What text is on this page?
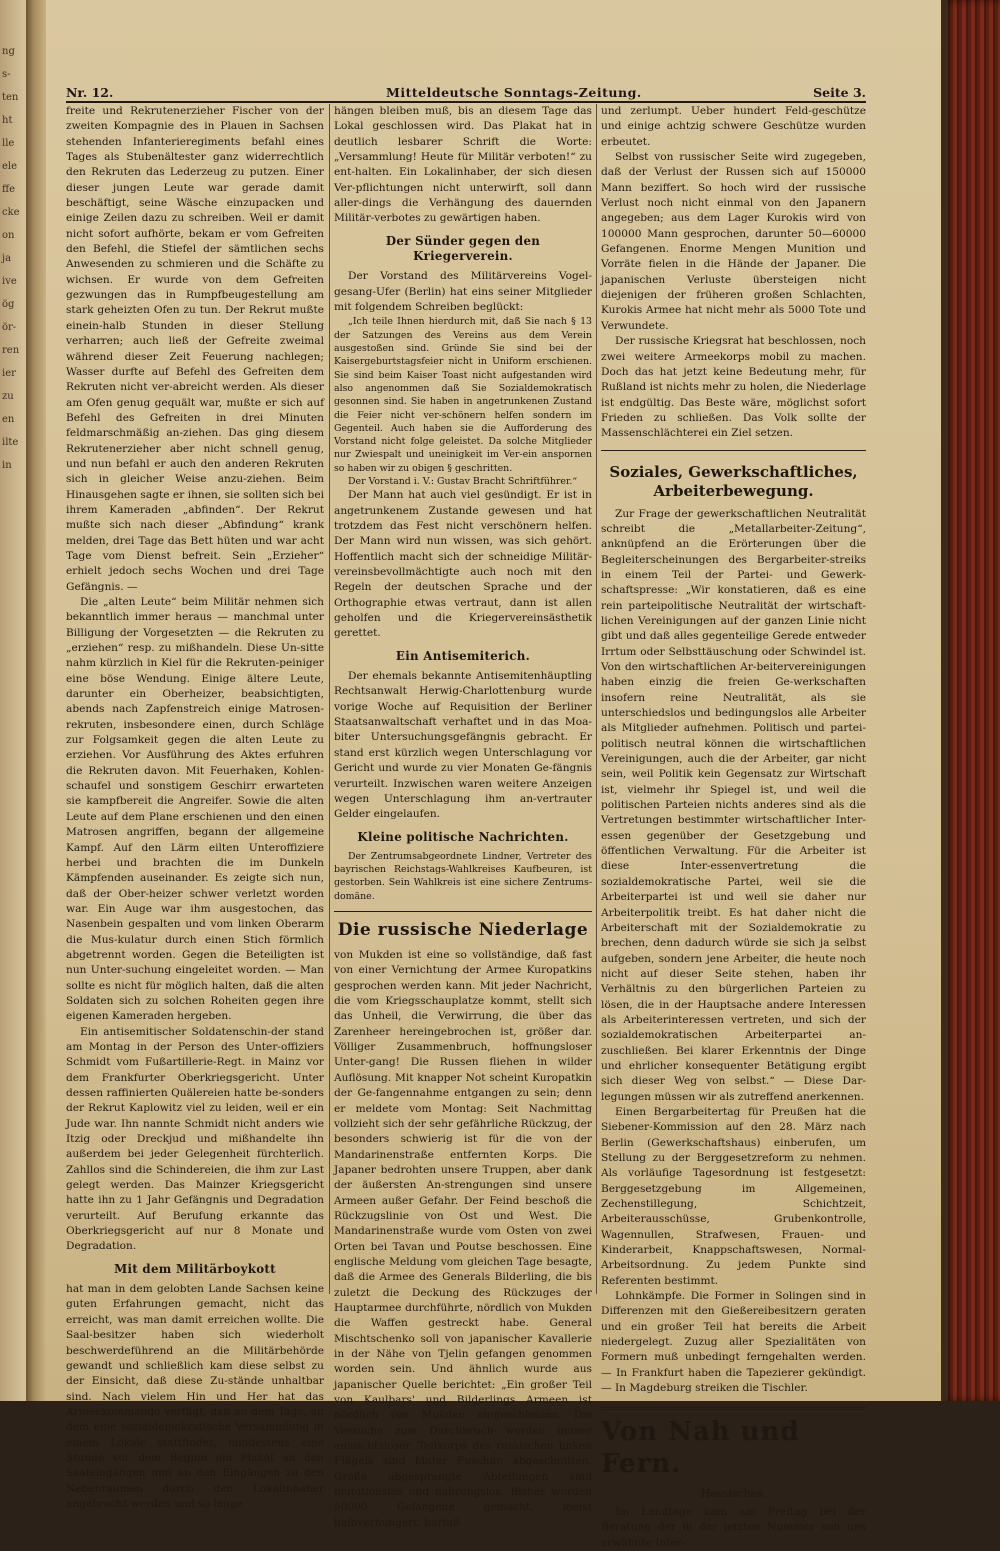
ng
s-
ten
ht
lle
ele
ffe
cke
on
ja
ive
ög
ör-
ren
ier
zu
en
ilte
in
Nr. 12.	Mitteldeutsche Sonntags-Zeitung.	Seite 3.

freite und Rekrutenerzieher Fischer von der zweiten Kompagnie des in Plauen in Sachsen stehenden Infanterieregiments befahl eines Tages als Stubenältester ganz widerrechtlich den Rekruten das Lederzeug zu putzen. Einer dieser jungen Leute war gerade damit beschäftigt, seine Wäsche einzupacken und einige Zeilen dazu zu schreiben. Weil er damit nicht sofort aufhörte, bekam er vom Gefreiten den Befehl, die Stiefel der sämtlichen sechs Anwesenden zu schmieren und die Schäfte zu wichsen. Er wurde von dem Gefreiten gezwungen das in Rumpfbeugestellung am stark geheizten Ofen zu tun. Der Rekrut mußte einein-halb Stunden in dieser Stellung verharren; auch ließ der Gefreite zweimal während dieser Zeit Feuerung nachlegen; Wasser durfte auf Befehl des Gefreiten dem Rekruten nicht ver-abreicht werden. Als dieser am Ofen genug gequält war, mußte er sich auf Befehl des Gefreiten in drei Minuten feldmarschmäßig an-ziehen. Das ging diesem Rekrutenerzieher aber nicht schnell genug, und nun befahl er auch den anderen Rekruten sich in gleicher Weise anzu-ziehen. Beim Hinausgehen sagte er ihnen, sie sollten sich bei ihrem Kameraden „abfinden“. Der Rekrut mußte sich nach dieser „Abfindung“ krank melden, drei Tage das Bett hüten und war acht Tage vom Dienst befreit. Sein „Erzieher“ erhielt jedoch sechs Wochen und drei Tage Gefängnis. —

Die „alten Leute“ beim Militär nehmen sich bekanntlich immer heraus — manchmal unter Billigung der Vorgesetzten — die Rekruten zu „erziehen“ resp. zu mißhandeln. Diese Un-sitte nahm kürzlich in Kiel für die Rekruten-peiniger eine böse Wendung. Einige ältere Leute, darunter ein Oberheizer, beabsichtigten, abends nach Zapfenstreich einige Matrosen-rekruten, insbesondere einen, durch Schläge zur Folgsamkeit gegen die alten Leute zu erziehen. Vor Ausführung des Aktes erfuhren die Rekruten davon. Mit Feuerhaken, Kohlen-schaufel und sonstigem Geschirr erwarteten sie kampfbereit die Angreifer. Sowie die alten Leute auf dem Plane erschienen und den einen Matrosen angriffen, begann der allgemeine Kampf. Auf den Lärm eilten Unteroffiziere herbei und brachten die im Dunkeln Kämpfenden auseinander. Es zeigte sich nun, daß der Ober-heizer schwer verletzt worden war. Ein Auge war ihm ausgestochen, das Nasenbein gespalten und vom linken Oberarm die Mus-kulatur durch einen Stich förmlich abgetrennt worden. Gegen die Beteiligten ist nun Unter-suchung eingeleitet worden. — Man sollte es nicht für möglich halten, daß die alten Soldaten sich zu solchen Roheiten gegen ihre eigenen Kameraden hergeben.

Ein antisemitischer Soldatenschin-der stand am Montag in der Person des Unter-offiziers Schmidt vom Fußartillerie-Regt. in Mainz vor dem Frankfurter Oberkriegsgericht. Unter dessen raffinierten Quälereien hatte be-sonders der Rekrut Kaplowitz viel zu leiden, weil er ein Jude war. Ihn nannte Schmidt nicht anders wie Itzig oder Dreckjud und mißhandelte ihn außerdem bei jeder Gelegenheit fürchterlich. Zahllos sind die Schindereien, die ihm zur Last gelegt werden. Das Mainzer Kriegsgericht hatte ihn zu 1 Jahr Gefängnis und Degradation verurteilt. Auf Berufung erkannte das Oberkriegsgericht auf nur 8 Monate und Degradation.

Mit dem Militärboykott

hat man in dem gelobten Lande Sachsen keine guten Erfahrungen gemacht, nicht das erreicht, was man damit erreichen wollte. Die Saal-besitzer haben sich wiederholt beschwerdeführend an die Militärbehörde gewandt und schließlich kam diese selbst zu der Einsicht, daß diese Zu-stände unhaltbar sind. Nach vielem Hin und Her hat das Armeekommando verfügt, daß an dem Tage, an dem eine sozialdemokratische Versammlung in einem Lokale stattfindet, mindestens eine Stunde vor dem Beginn ein Plakat an den Saaleingängen und an den Eingängen zu den Nebenräumen durch den Lokalinhaber angebracht werden und so lange

hängen bleiben muß, bis an diesem Tage das Lokal geschlossen wird. Das Plakat hat in deutlich lesbarer Schrift die Worte: „Versammlung! Heute für Militär verboten!“ zu ent-halten. Ein Lokalinhaber, der sich diesen Ver-pflichtungen nicht unterwirft, soll dann aller-dings die Verhängung des dauernden Militär-verbotes zu gewärtigen haben.

Der Sünder gegen den Kriegerverein.

Der Vorstand des Militärvereins Vogel-gesang-Ufer (Berlin) hat eins seiner Mitglieder mit folgendem Schreiben beglückt:

„Ich teile Ihnen hierdurch mit, daß Sie nach § 13 der Satzungen des Vereins aus dem Verein ausgestoßen sind. Gründe Sie sind bei der Kaisergeburtstagsfeier nicht in Uniform erschienen. Sie sind beim Kaiser Toast nicht aufgestanden wird also angenommen daß Sie Sozialdemokratisch gesonnen sind. Sie haben in angetrunkenen Zustand die Feier nicht ver-schönern helfen sondern im Gegenteil. Auch haben sie die Aufforderung des Vorstand nicht folge geleistet. Da solche Mitglieder nur Zwiespalt und uneinigkeit im Ver-ein anspornen so haben wir zu obigen § geschritten.

Der Vorstand i. V.: Gustav Bracht Schriftführer.“

Der Mann hat auch viel gesündigt. Er ist in angetrunkenem Zustande gewesen und hat trotzdem das Fest nicht verschönern helfen. Der Mann wird nun wissen, was sich gehört. Hoffentlich macht sich der schneidige Militär-vereinsbevollmächtigte auch noch mit den Regeln der deutschen Sprache und der Orthographie etwas vertraut, dann ist allen geholfen und die Kriegervereinsästhetik gerettet.

Ein Antisemiterich.

Der ehemals bekannte Antisemitenhäuptling Rechtsanwalt Herwig-Charlottenburg wurde vorige Woche auf Requisition der Berliner Staatsanwaltschaft verhaftet und in das Moa-biter Untersuchungsgefängnis gebracht. Er stand erst kürzlich wegen Unterschlagung vor Gericht und wurde zu vier Monaten Ge-fängnis verurteilt. Inzwischen waren weitere Anzeigen wegen Unterschlagung ihm an-vertrauter Gelder eingelaufen.

Kleine politische Nachrichten.

Der Zentrumsabgeordnete Lindner, Vertreter des bayrischen Reichstags-Wahlkreises Kaufbeuren, ist gestorben. Sein Wahlkreis ist eine sichere Zentrums-domäne.

Die russische Niederlage

von Mukden ist eine so vollständige, daß fast von einer Vernichtung der Armee Kuropatkins gesprochen werden kann. Mit jeder Nachricht, die vom Kriegsschauplatze kommt, stellt sich das Unheil, die Verwirrung, die über das Zarenheer hereingebrochen ist, größer dar. Völliger Zusammenbruch, hoffnungsloser Unter-gang! Die Russen fliehen in wilder Auflösung. Mit knapper Not scheint Kuropatkin der Ge-fangennahme entgangen zu sein; denn er meldete vom Montag: Seit Nachmittag vollzieht sich der sehr gefährliche Rückzug, der besonders schwierig ist für die von der Mandarinenstraße entfernten Korps. Die Japaner bedrohten unsere Truppen, aber dank der äußersten An-strengungen sind unsere Armeen außer Gefahr. Der Feind beschoß die Rückzugslinie von Ost und West. Die Mandarinenstraße wurde vom Osten von zwei Orten bei Tavan und Poutse beschossen. Eine englische Meldung vom gleichen Tage besagte, daß die Armee des Generals Bilderling, die bis zuletzt die Deckung des Rückzuges der Hauptarmee durchführte, nördlich von Mukden die Waffen gestreckt habe. General Mischtschenko soll von japanischer Kavallerie in der Nähe von Tjelin gefangen genommen worden sein. Und ähnlich wurde aus japanischer Quelle berichtet: „Ein großer Teil von Kaulbars' und Bilderlings Armeen ist nördlich von Mukden eingeschlossen. Die Versuche zum Durchbruch werden immer aussichtsloser. Teilkorps des russischen linken Flügels sind hinter Fuschun abgeschnitten. Große abgesprengte Abteilungen sind munitionslos und nahrungslos. Bisher wurden 50000 Gefangene gemacht, meist halbverhungert, barfuß

und zerlumpt. Ueber hundert Feld-geschütze und einige achtzig schwere Geschütze wurden erbeutet.

Selbst von russischer Seite wird zugegeben, daß der Verlust der Russen sich auf 150000 Mann beziffert. So hoch wird der russische Verlust noch nicht einmal von den Japanern angegeben; aus dem Lager Kurokis wird von 100000 Mann gesprochen, darunter 50—60000 Gefangenen. Enorme Mengen Munition und Vorräte fielen in die Hände der Japaner. Die japanischen Verluste übersteigen nicht diejenigen der früheren großen Schlachten, Kurokis Armee hat nicht mehr als 5000 Tote und Verwundete.

Der russische Kriegsrat hat beschlossen, noch zwei weitere Armeekorps mobil zu machen. Doch das hat jetzt keine Bedeutung mehr, für Rußland ist nichts mehr zu holen, die Niederlage ist endgültig. Das Beste wäre, möglichst sofort Frieden zu schließen. Das Volk sollte der Massenschlächterei ein Ziel setzen.

Soziales, Gewerkschaftliches, Arbeiterbewegung.

Zur Frage der gewerkschaftlichen Neutralität schreibt die „Metallarbeiter-Zeitung“, anknüpfend an die Erörterungen über die Begleiterscheinungen des Bergarbeiter-streiks in einem Teil der Partei- und Gewerk-schaftspresse: „Wir konstatieren, daß es eine rein parteipolitische Neutralität der wirtschaft-lichen Vereinigungen auf der ganzen Linie nicht gibt und daß alles gegenteilige Gerede entweder Irrtum oder Selbsttäuschung oder Schwindel ist. Von den wirtschaftlichen Ar-beitervereinigungen haben einzig die freien Ge-werkschaften insofern reine Neutralität, als sie unterschiedslos und bedingungslos alle Arbeiter als Mitglieder aufnehmen. Politisch und partei-politisch neutral können die wirtschaftlichen Vereinigungen, auch die der Arbeiter, gar nicht sein, weil Politik kein Gegensatz zur Wirtschaft ist, vielmehr ihr Spiegel ist, und weil die politischen Parteien nichts anderes sind als die Vertretungen bestimmter wirtschaftlicher Inter-essen gegenüber der Gesetzgebung und öffentlichen Verwaltung. Für die Arbeiter ist diese Inter-essenvertretung die sozialdemokratische Partei, weil sie die Arbeiterpartei ist und weil sie daher nur Arbeiterpolitik treibt. Es hat daher nicht die Arbeiterschaft mit der Sozialdemokratie zu brechen, denn dadurch würde sie sich ja selbst aufgeben, sondern jene Arbeiter, die heute noch nicht auf dieser Seite stehen, haben ihr Verhältnis zu den bürgerlichen Parteien zu lösen, die in der Hauptsache andere Interessen als Arbeiterinteressen vertreten, und sich der sozialdemokratischen Arbeiterpartei an-zuschließen. Bei klarer Erkenntnis der Dinge und ehrlicher konsequenter Betätigung ergibt sich dieser Weg von selbst.“ — Diese Dar-legungen müssen wir als zutreffend anerkennen.

Einen Bergarbeitertag für Preußen hat die Siebener-Kommission auf den 28. März nach Berlin (Gewerkschaftshaus) einberufen, um Stellung zu der Berggesetzreform zu nehmen. Als vorläufige Tagesordnung ist festgesetzt: Berggesetzgebung im Allgemeinen, Zechenstillegung, Schichtzeit, Arbeiterausschüsse, Grubenkontrolle, Wagennullen, Strafwesen, Frauen- und Kinderarbeit, Knappschaftswesen, Normal-Arbeitsordnung. Zu jedem Punkte sind Referenten bestimmt.

Lohnkämpfe. Die Former in Solingen sind in Differenzen mit den Gießereibesitzern geraten und ein großer Teil hat bereits die Arbeit niedergelegt. Zuzug aller Spezialitäten von Formern muß unbedingt ferngehalten werden. — In Frankfurt haben die Tapezierer gekündigt. — In Magdeburg streiken die Tischler.

Von Nah und Fern.
Hessisches.

Im Landtage kam am Freitag bei der Beratung der in der letzten Nummer von uns erwähnte Inter-
